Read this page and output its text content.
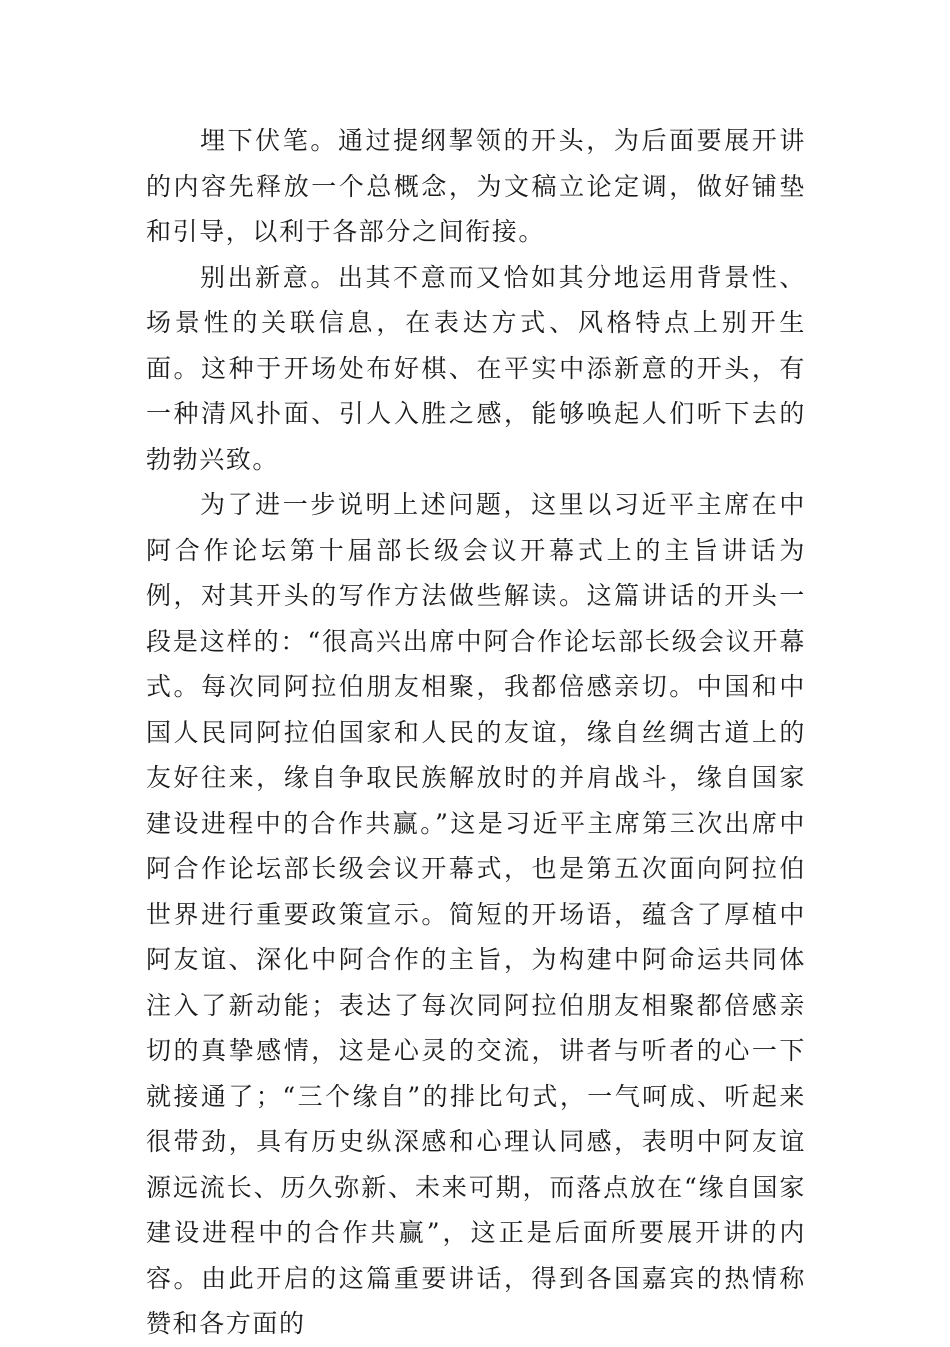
埋下伏笔。通过提纲挈领的开头，为后面要展开讲的内容先释放一个总概念，为文稿立论定调，做好铺垫和引导，以利于各部分之间衔接。

别出新意。出其不意而又恰如其分地运用背景性、场景性的关联信息，在表达方式、风格特点上别开生面。这种于开场处布好棋、在平实中添新意的开头，有一种清风扑面、引人入胜之感，能够唤起人们听下去的勃勃兴致。

为了进一步说明上述问题，这里以习近平主席在中阿合作论坛第十届部长级会议开幕式上的主旨讲话为例，对其开头的写作方法做些解读。这篇讲话的开头一段是这样的：“很高兴出席中阿合作论坛部长级会议开幕式。每次同阿拉伯朋友相聚，我都倍感亲切。中国和中国人民同阿拉伯国家和人民的友谊，缘自丝绸古道上的友好往来，缘自争取民族解放时的并肩战斗，缘自国家建设进程中的合作共赢。”这是习近平主席第三次出席中阿合作论坛部长级会议开幕式，也是第五次面向阿拉伯世界进行重要政策宣示。简短的开场语，蕴含了厚植中阿友谊、深化中阿合作的主旨，为构建中阿命运共同体注入了新动能；表达了每次同阿拉伯朋友相聚都倍感亲切的真挚感情，这是心灵的交流，讲者与听者的心一下就接通了；“三个缘自”的排比句式，一气呵成、听起来很带劲，具有历史纵深感和心理认同感，表明中阿友谊源远流长、历久弥新、未来可期，而落点放在“缘自国家建设进程中的合作共赢”，这正是后面所要展开讲的内容。由此开启的这篇重要讲话，得到各国嘉宾的热情称赞和各方面的
